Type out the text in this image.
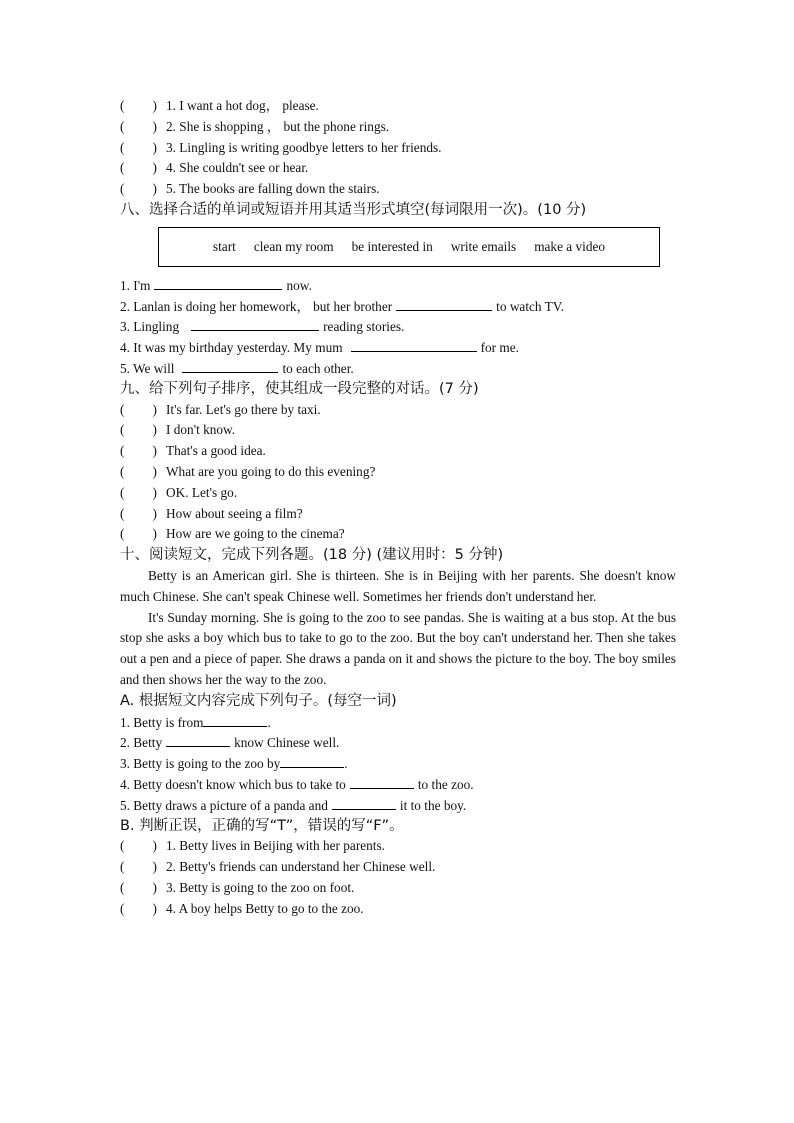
( ) 1. I want a hot dog， please.
( ) 2. She is shopping ， but the phone rings.
( ) 3. Lingling is writing goodbye letters to her friends.
( ) 4. She couldn't see or hear.
( ) 5. The books are falling down the stairs.
八、选择合适的单词或短语并用其适当形式填空(每词限用一次)。(10 分)
start clean my room be interested in write emails make a video
1. I'm	now.
2. Lanlan is doing her homework， but her brother	to watch TV.
3. Lingling	reading stories.
4. It was my birthday yesterday. My mum	for me.
5. We will	to each other.
九、给下列句子排序，使其组成一段完整的对话。(7 分)
( ) It's far. Let's go there by taxi.
( ) I don't know.
( ) That's a good idea.
( ) What are you going to do this evening?
( ) OK. Let's go.
( ) How about seeing a film?
( ) How are we going to the cinema?
十、阅读短文，完成下列各题。(18 分) (建议用时：5 分钟)

Betty is an American girl. She is thirteen. She is in Beijing with her parents. She doesn't know much Chinese. She can't speak Chinese well. Sometimes her friends don't understand her.

It's Sunday morning. She is going to the zoo to see pandas. She is waiting at a bus stop. At the bus stop she asks a boy which bus to take to go to the zoo. But the boy can't understand her. Then she takes out a pen and a piece of paper. She draws a panda on it and shows the picture to the boy. The boy smiles and then shows her the way to the zoo.

A. 根据短文内容完成下列句子。(每空一词)
1. Betty is from	.
2. Betty	know Chinese well.
3. Betty is going to the zoo by	.
4. Betty doesn't know which bus to take to	to the zoo.
5. Betty draws a picture of a panda and	it to the boy.
B. 判断正误，正确的写“T”，错误的写“F”。
( ) 1. Betty lives in Beijing with her parents.
( ) 2. Betty's friends can understand her Chinese well.
( ) 3. Betty is going to the zoo on foot.
( ) 4. A boy helps Betty to go to the zoo.
